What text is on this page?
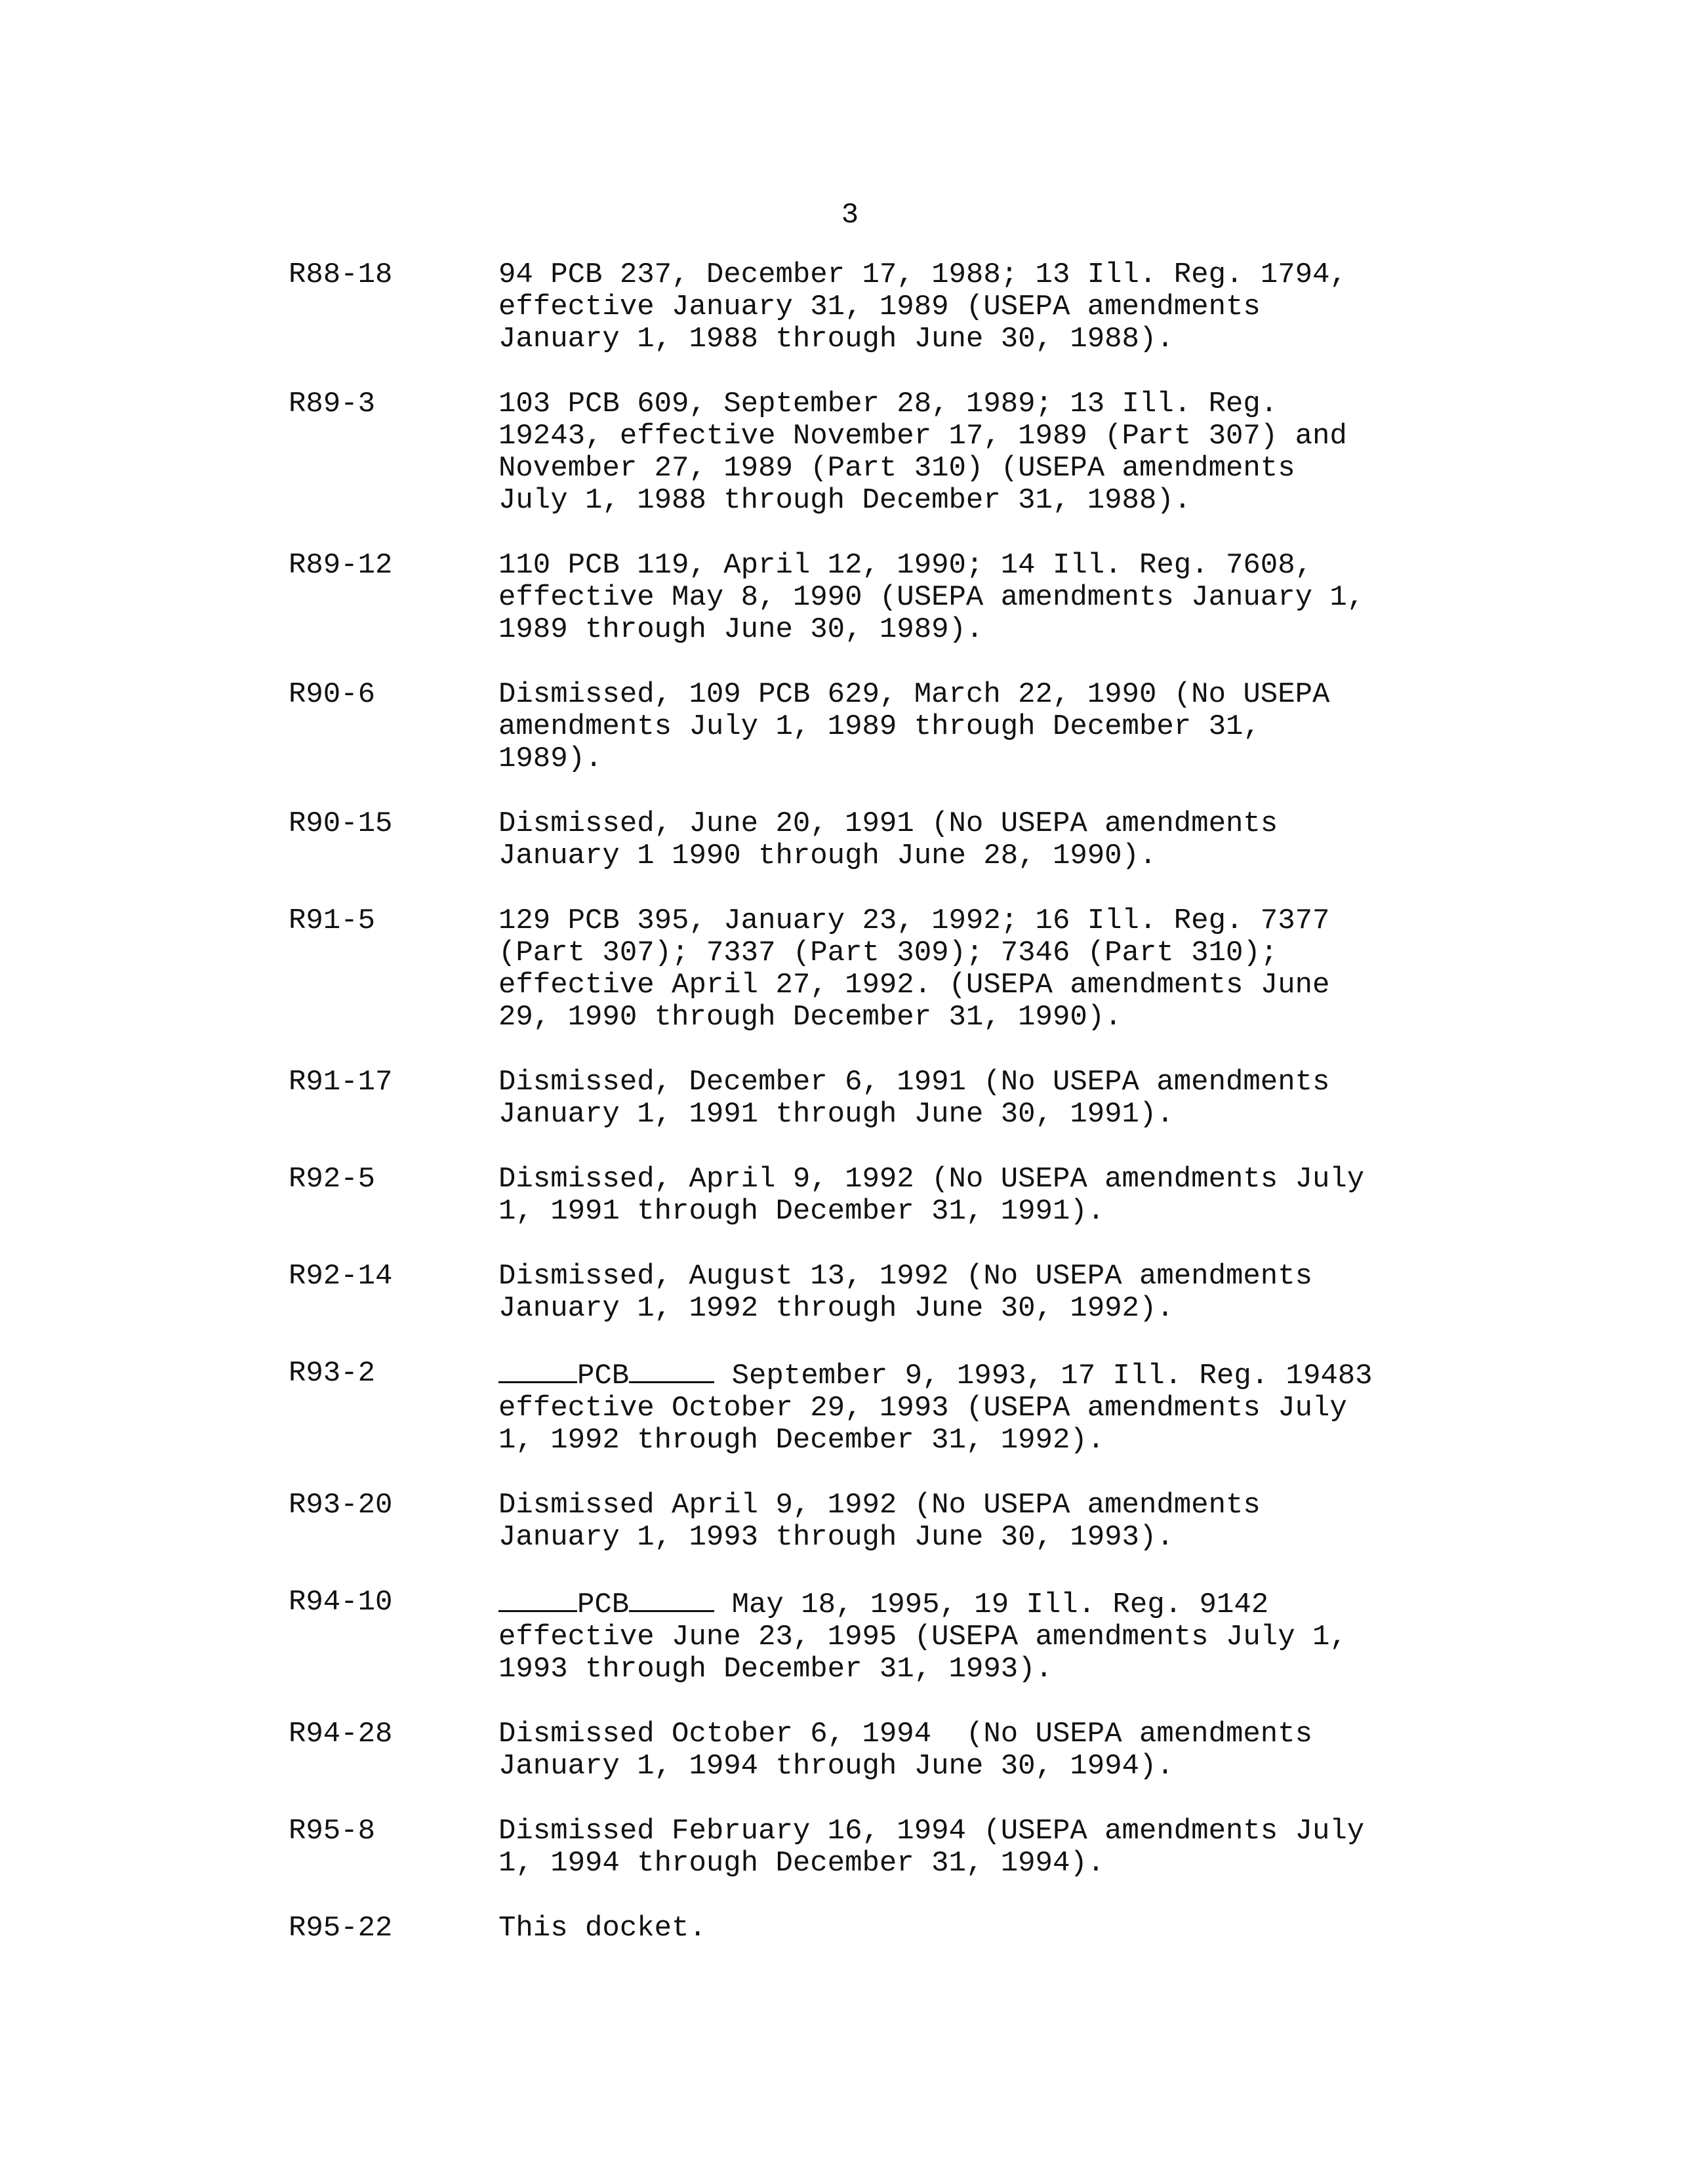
3
R88-18	94 PCB 237, December 17, 1988; 13 Ill. Reg. 1794,
effective January 31, 1989 (USEPA amendments
January 1, 1988 through June 30, 1988).
R89-3	103 PCB 609, September 28, 1989; 13 Ill. Reg.
19243, effective November 17, 1989 (Part 307) and
November 27, 1989 (Part 310) (USEPA amendments
July 1, 1988 through December 31, 1988).
R89-12	110 PCB 119, April 12, 1990; 14 Ill. Reg. 7608,
effective May 8, 1990 (USEPA amendments January 1,
1989 through June 30, 1989).
R90-6	Dismissed, 109 PCB 629, March 22, 1990 (No USEPA
amendments July 1, 1989 through December 31,
1989).
R90-15	Dismissed, June 20, 1991 (No USEPA amendments
January 1 1990 through June 28, 1990).
R91-5	129 PCB 395, January 23, 1992; 16 Ill. Reg. 7377
(Part 307); 7337 (Part 309); 7346 (Part 310);
effective April 27, 1992. (USEPA amendments June
29, 1990 through December 31, 1990).
R91-17	Dismissed, December 6, 1991 (No USEPA amendments
January 1, 1991 through June 30, 1991).
R92-5	Dismissed, April 9, 1992 (No USEPA amendments July
1, 1991 through December 31, 1991).
R92-14	Dismissed, August 13, 1992 (No USEPA amendments
January 1, 1992 through June 30, 1992).
R93-2	PCB	September 9, 1993, 17 Ill. Reg. 19483
effective October 29, 1993 (USEPA amendments July
1, 1992 through December 31, 1992).
R93-20	Dismissed April 9, 1992 (No USEPA amendments
January 1, 1993 through June 30, 1993).
R94-10	PCB	May 18, 1995, 19 Ill. Reg. 9142
effective June 23, 1995 (USEPA amendments July 1,
1993 through December 31, 1993).
R94-28	Dismissed October 6, 1994  (No USEPA amendments
January 1, 1994 through June 30, 1994).
R95-8	Dismissed February 16, 1994 (USEPA amendments July
1, 1994 through December 31, 1994).
R95-22	This docket.
